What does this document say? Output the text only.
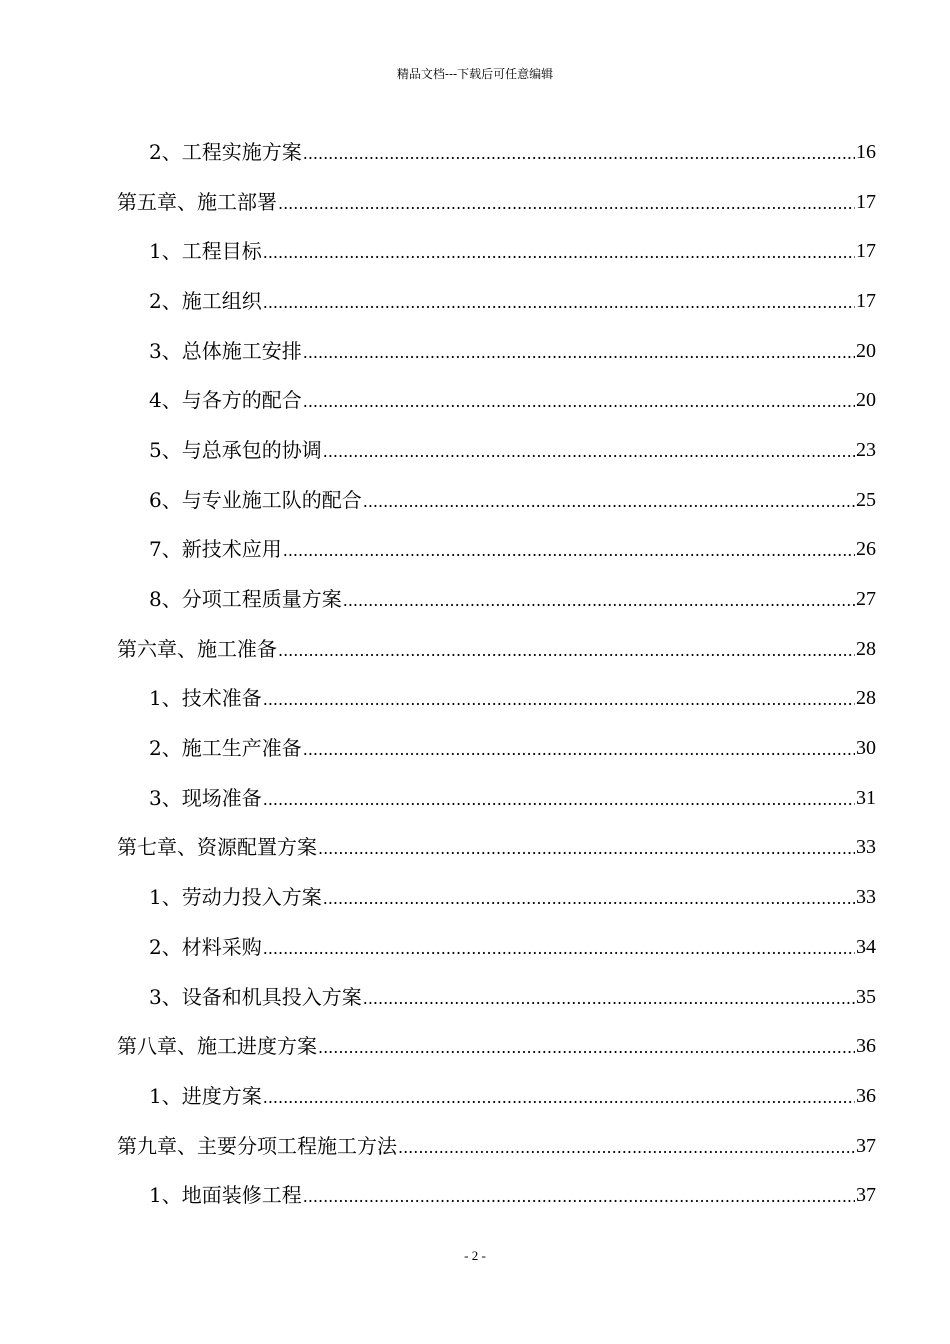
精品文档---下载后可任意编辑
2、工程实施方案 .....	16
第五章、施工部署 .....	17
1、工程目标 .....	17
2、施工组织 .....	17
3、总体施工安排 .....	20
4、与各方的配合 .....	20
5、与总承包的协调 .....	23
6、与专业施工队的配合 .....	25
7、新技术应用 .....	26
8、分项工程质量方案 .....	27
第六章、施工准备 .....	28
1、技术准备 .....	28
2、施工生产准备 .....	30
3、现场准备 .....	31
第七章、资源配置方案 .....	33
1、劳动力投入方案 .....	33
2、材料采购 .....	34
3、设备和机具投入方案 .....	35
第八章、施工进度方案 .....	36
1、进度方案 .....	36
第九章、主要分项工程施工方法 .....	37
1、地面装修工程 .....	37
- 2 -
